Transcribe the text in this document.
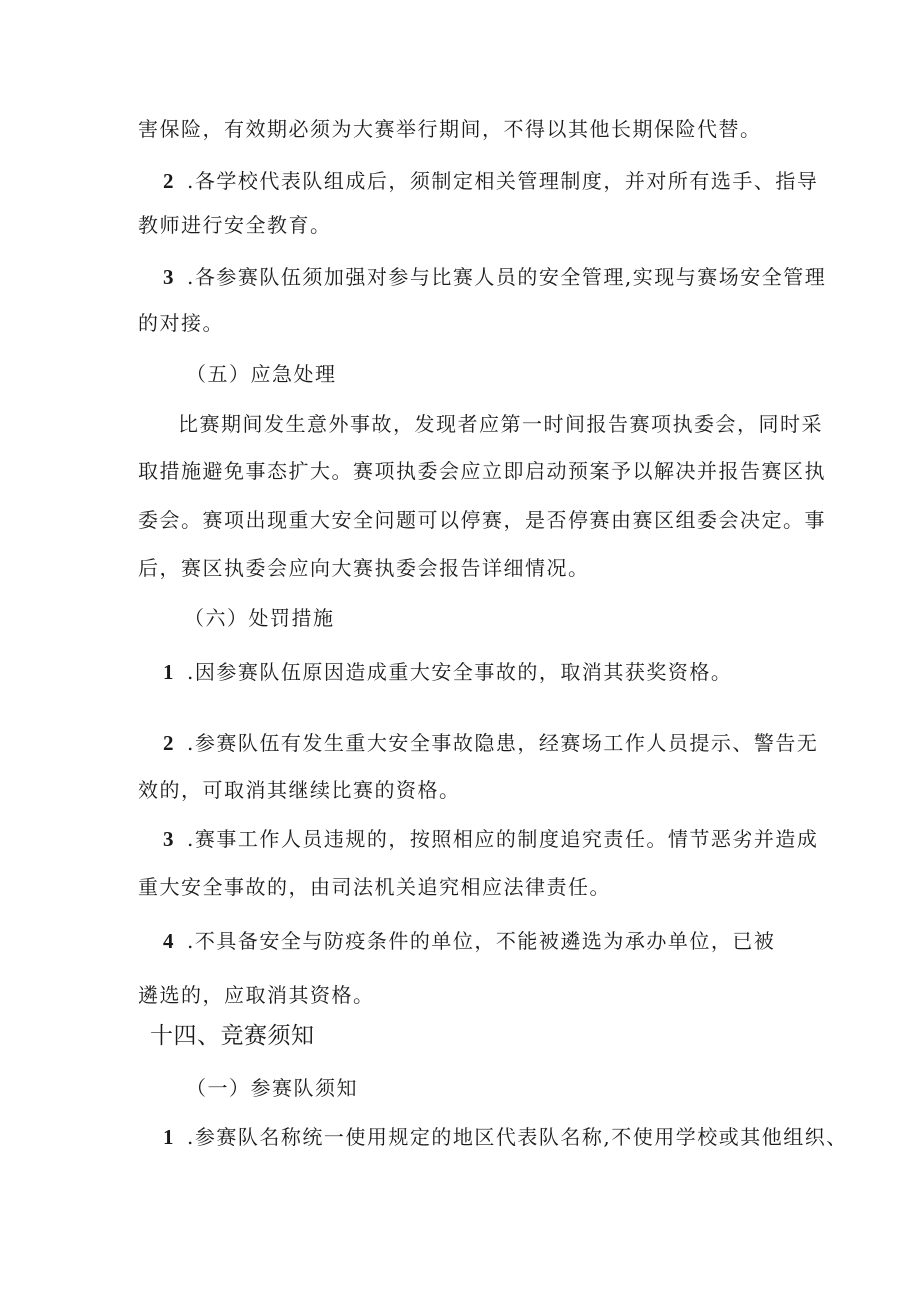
害保险，有效期必须为大赛举行期间，不得以其他长期保险代替。
2 .各学校代表队组成后，须制定相关管理制度，并对所有选手、指导
教师进行安全教育。
3 .各参赛队伍须加强对参与比赛人员的安全管理,实现与赛场安全管理
的对接。
（五）应急处理
比赛期间发生意外事故，发现者应第一时间报告赛项执委会，同时采
取措施避免事态扩大。赛项执委会应立即启动预案予以解决并报告赛区执
委会。赛项出现重大安全问题可以停赛，是否停赛由赛区组委会决定。事
后，赛区执委会应向大赛执委会报告详细情况。
（六）处罚措施
1 .因参赛队伍原因造成重大安全事故的，取消其获奖资格。
2 .参赛队伍有发生重大安全事故隐患，经赛场工作人员提示、警告无
效的，可取消其继续比赛的资格。
3 .赛事工作人员违规的，按照相应的制度追究责任。情节恶劣并造成
重大安全事故的，由司法机关追究相应法律责任。
4 .不具备安全与防疫条件的单位，不能被遴选为承办单位，已被
遴选的，应取消其资格。
十四、竞赛须知
（一）参赛队须知
1 .参赛队名称统一使用规定的地区代表队名称,不使用学校或其他组织、
